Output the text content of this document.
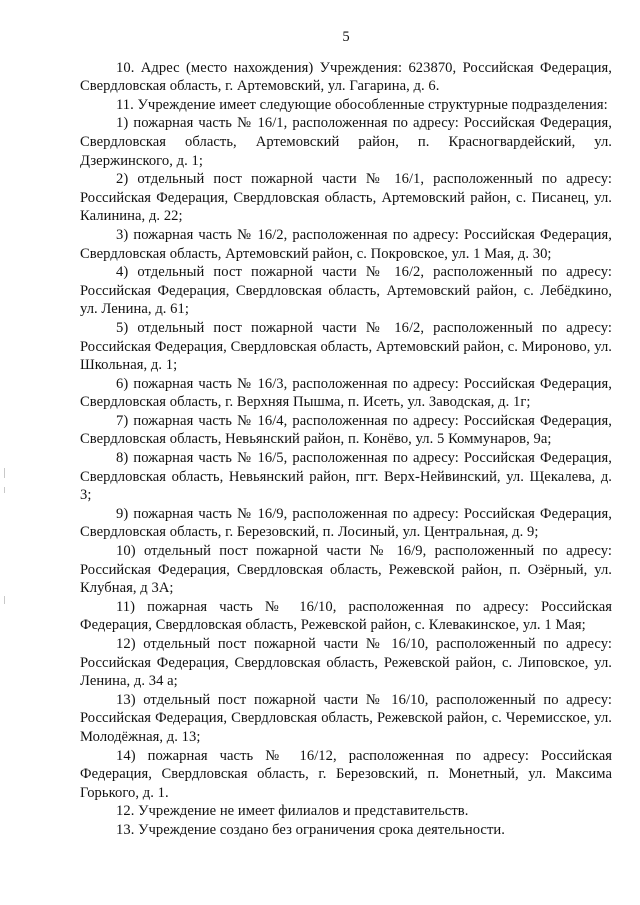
5

10. Адрес (место нахождения) Учреждения: 623870, Российская Федерация, Свердловская область, г. Артемовский, ул. Гагарина, д. 6.

11. Учреждение имеет следующие обособленные структурные подразделения:

1) пожарная часть № 16/1, расположенная по адресу: Российская Федерация, Свердловская область, Артемовский район, п. Красногвардейский, ул. Дзержинского, д. 1;

2) отдельный пост пожарной части № 16/1, расположенный по адресу: Российская Федерация, Свердловская область, Артемовский район, с. Писанец, ул. Калинина, д. 22;

3) пожарная часть № 16/2, расположенная по адресу: Российская Федерация, Свердловская область, Артемовский район, с. Покровское, ул. 1 Мая, д. 30;

4) отдельный пост пожарной части № 16/2, расположенный по адресу: Российская Федерация, Свердловская область, Артемовский район, с. Лебёдкино, ул. Ленина, д. 61;

5) отдельный пост пожарной части № 16/2, расположенный по адресу: Российская Федерация, Свердловская область, Артемовский район, с. Мироново, ул. Школьная, д. 1;

6) пожарная часть № 16/3, расположенная по адресу: Российская Федерация, Свердловская область, г. Верхняя Пышма, п. Исеть, ул. Заводская, д. 1г;

7) пожарная часть № 16/4, расположенная по адресу: Российская Федерация, Свердловская область, Невьянский район, п. Конёво, ул. 5 Коммунаров, 9а;

8) пожарная часть № 16/5, расположенная по адресу: Российская Федерация, Свердловская область, Невьянский район, пгт. Верх-Нейвинский, ул. Щекалева, д. 3;

9) пожарная часть № 16/9, расположенная по адресу: Российская Федерация, Свердловская область, г. Березовский, п. Лосиный, ул. Центральная, д. 9;

10) отдельный пост пожарной части № 16/9, расположенный по адресу: Российская Федерация, Свердловская область, Режевской район, п. Озёрный, ул. Клубная, д 3А;

11) пожарная часть № 16/10, расположенная по адресу: Российская Федерация, Свердловская область, Режевской район, с. Клевакинское, ул. 1 Мая;

12) отдельный пост пожарной части № 16/10, расположенный по адресу: Российская Федерация, Свердловская область, Режевской район, с. Липовское, ул. Ленина, д. 34 а;

13) отдельный пост пожарной части № 16/10, расположенный по адресу: Российская Федерация, Свердловская область, Режевской район, с. Черемисское, ул. Молодёжная, д. 13;

14) пожарная часть № 16/12, расположенная по адресу: Российская Федерация, Свердловская область, г. Березовский, п. Монетный, ул. Максима Горького, д. 1.

12. Учреждение не имеет филиалов и представительств.

13. Учреждение создано без ограничения срока деятельности.
